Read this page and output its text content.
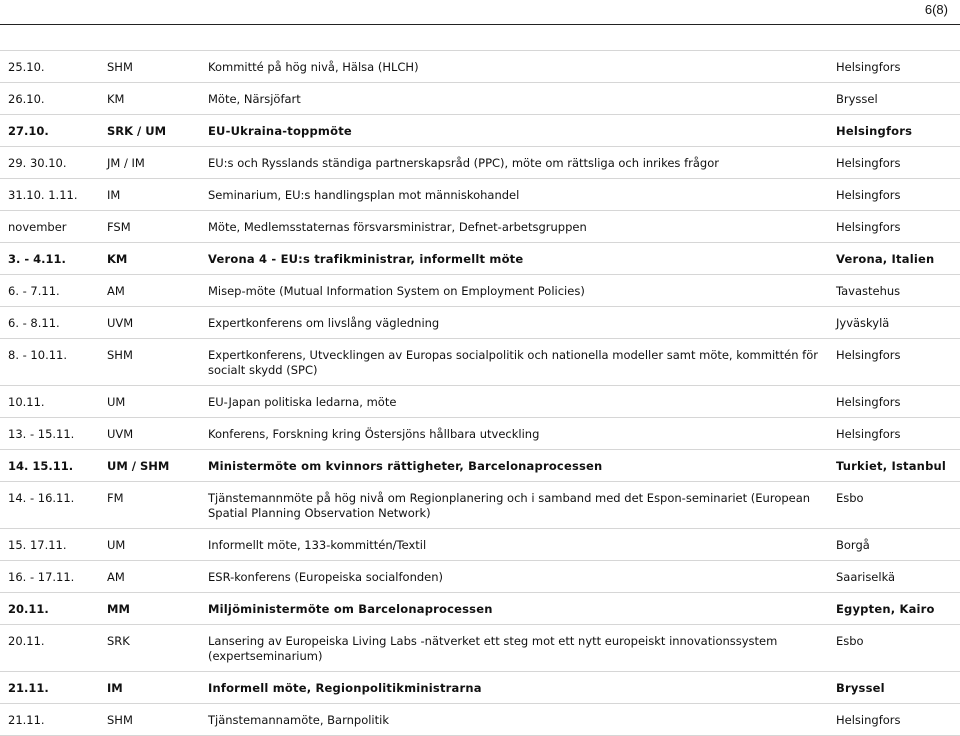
6(8)
25.10.	SHM	Kommitté på hög nivå, Hälsa (HLCH)	Helsingfors
26.10.	KM	Möte, Närsjöfart	Bryssel
27.10.	SRK / UM	EU-Ukraina-toppmöte	Helsingfors
29. 30.10.	JM / IM	EU:s och Rysslands ständiga partnerskapsråd (PPC), möte om rättsliga och inrikes frågor	Helsingfors
31.10. 1.11.	IM	Seminarium, EU:s handlingsplan mot människohandel	Helsingfors
november	FSM	Möte, Medlemsstaternas försvarsministrar, Defnet-arbetsgruppen	Helsingfors
3. - 4.11.	KM	Verona 4 - EU:s trafikministrar, informellt möte	Verona, Italien
6. - 7.11.	AM	Misep-möte (Mutual Information System on Employment Policies)	Tavastehus
6. - 8.11.	UVM	Expertkonferens om livslång vägledning	Jyväskylä
8. - 10.11.	SHM	Expertkonferens, Utvecklingen av Europas socialpolitik och nationella modeller samt möte, kommittén för socialt skydd (SPC)	Helsingfors
10.11.	UM	EU-Japan politiska ledarna, möte	Helsingfors
13. - 15.11.	UVM	Konferens, Forskning kring Östersjöns hållbara utveckling	Helsingfors
14. 15.11.	UM / SHM	Ministermöte om kvinnors rättigheter, Barcelonaprocessen	Turkiet, Istanbul
14. - 16.11.	FM	Tjänstemannmöte på hög nivå om Regionplanering och i samband med det Espon-seminariet (European Spatial Planning Observation Network)	Esbo
15. 17.11.	UM	Informellt möte, 133-kommittén/Textil	Borgå
16. - 17.11.	AM	ESR-konferens (Europeiska socialfonden)	Saariselkä
20.11.	MM	Miljöministermöte om Barcelonaprocessen	Egypten, Kairo
20.11.	SRK	Lansering av Europeiska Living Labs -nätverket ett steg mot ett nytt europeiskt innovationssystem (expertseminarium)	Esbo
21.11.	IM	Informell möte, Regionpolitikministrarna	Bryssel
21.11.	SHM	Tjänstemannamöte, Barnpolitik	Helsingfors
